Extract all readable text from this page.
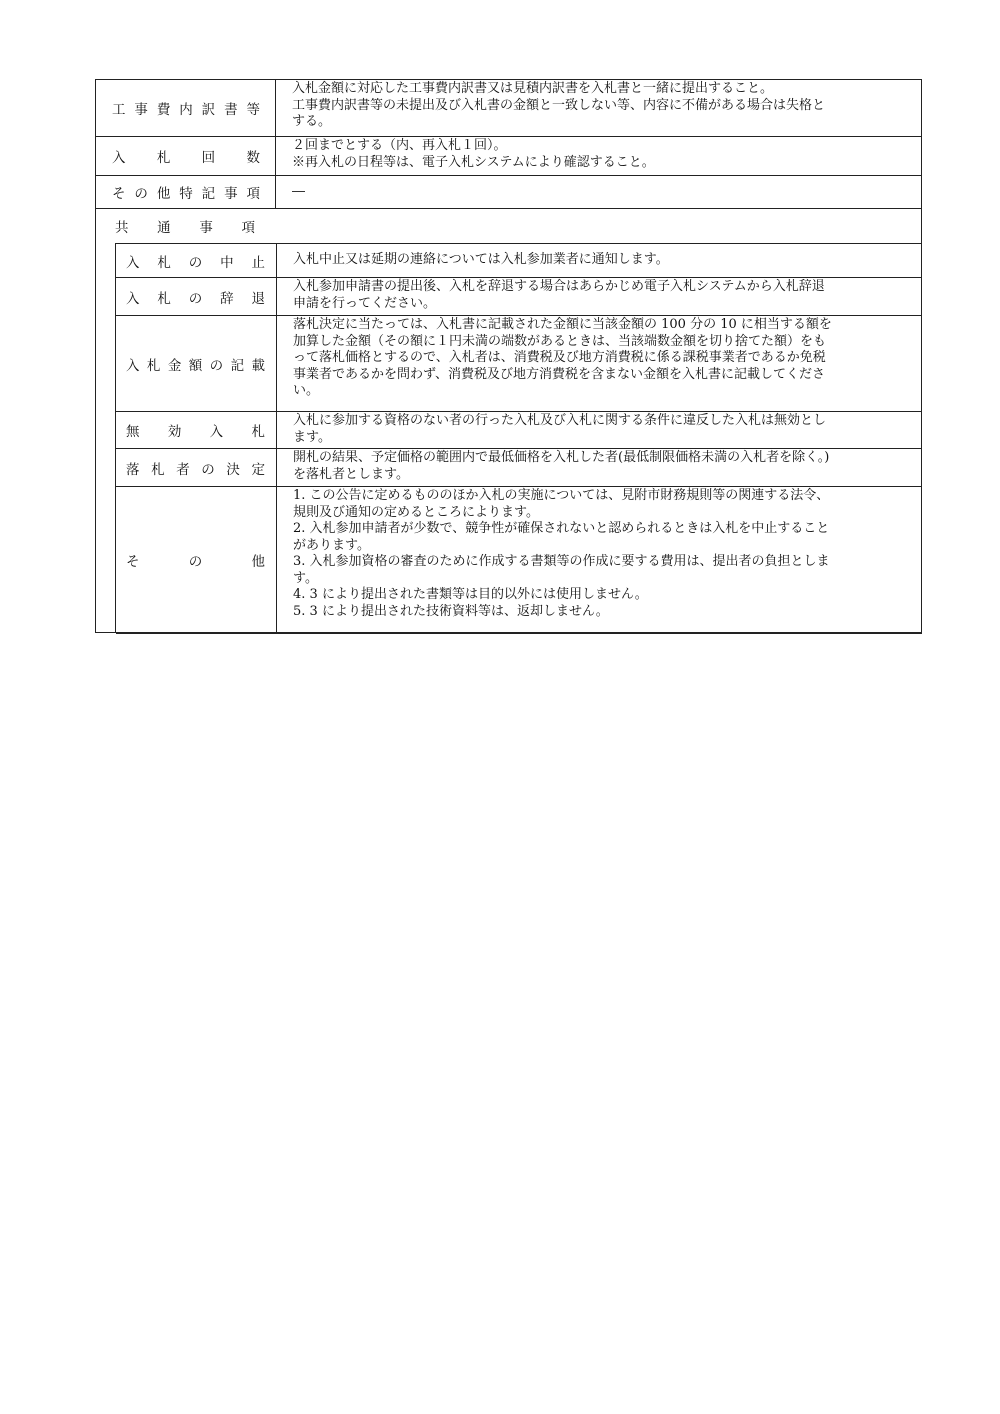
工事費内訳書等
入札金額に対応した工事費内訳書又は見積内訳書を入札書と一緒に提出すること。
工事費内訳書等の未提出及び入札書の金額と一致しない等、内容に不備がある場合は失格と
する。
入札回数
２回までとする（内、再入札１回）。
※再入札の日程等は、電子入札システムにより確認すること。
その他特記事項 ―
共通事項
入札の中止 入札中止又は延期の連絡については入札参加業者に通知します。
入札の辞退
入札参加申請書の提出後、入札を辞退する場合はあらかじめ電子入札システムから入札辞退
申請を行ってください。
入札金額の記載
落札決定に当たっては、入札書に記載された金額に当該金額の 100 分の 10 に相当する額を
加算した金額（その額に１円未満の端数があるときは、当該端数金額を切り捨てた額）をも
って落札価格とするので、入札者は、消費税及び地方消費税に係る課税事業者であるか免税
事業者であるかを問わず、消費税及び地方消費税を含まない金額を入札書に記載してくださ
い。
無効入札
入札に参加する資格のない者の行った入札及び入札に関する条件に違反した入札は無効とし
ます。
落札者の決定
開札の結果、予定価格の範囲内で最低価格を入札した者(最低制限価格未満の入札者を除く。)
を落札者とします。
その他
1. この公告に定めるもののほか入札の実施については、見附市財務規則等の関連する法令、
規則及び通知の定めるところによります。
2. 入札参加申請者が少数で、競争性が確保されないと認められるときは入札を中止すること
があります。
3. 入札参加資格の審査のために作成する書類等の作成に要する費用は、提出者の負担としま
す。
4. 3 により提出された書類等は目的以外には使用しません。
5. 3 により提出された技術資料等は、返却しません。
